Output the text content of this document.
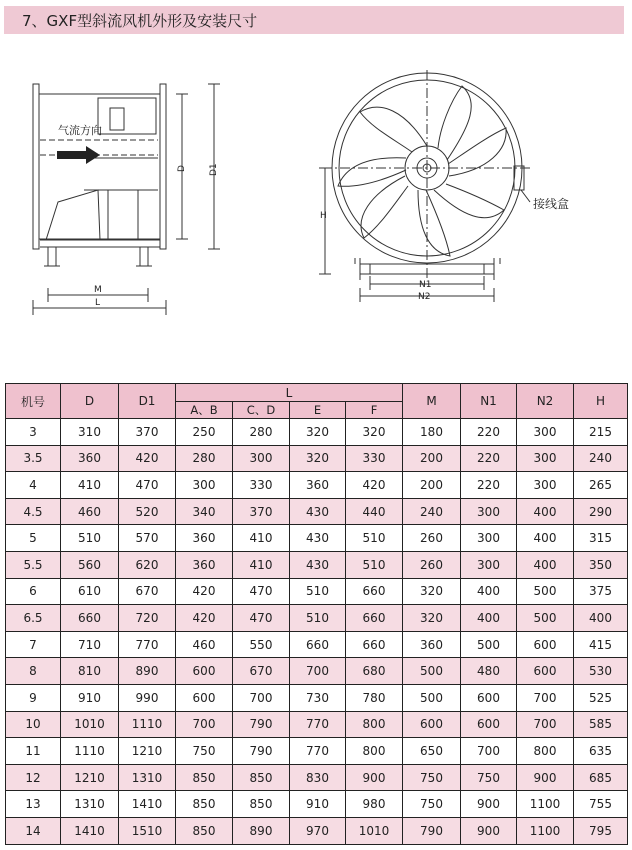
7、GXF型斜流风机外形及安装尺寸
气流方向
D D1
M
L
H
N1
N2
接线盒
机号	D	D1	L				M	N1	N2	H
			A、B	C、D	E	F				
3	310	370	250	280	320	320	180	220	300	215
3.5	360	420	280	300	320	330	200	220	300	240
4	410	470	300	330	360	420	200	220	300	265
4.5	460	520	340	370	430	440	240	300	400	290
5	510	570	360	410	430	510	260	300	400	315
5.5	560	620	360	410	430	510	260	300	400	350
6	610	670	420	470	510	660	320	400	500	375
6.5	660	720	420	470	510	660	320	400	500	400
7	710	770	460	550	660	660	360	500	600	415
8	810	890	600	670	700	680	500	480	600	530
9	910	990	600	700	730	780	500	600	700	525
10	1010	1110	700	790	770	800	600	600	700	585
11	1110	1210	750	790	770	800	650	700	800	635
12	1210	1310	850	850	830	900	750	750	900	685
13	1310	1410	850	850	910	980	750	900	1100	755
14	1410	1510	850	890	970	1010	790	900	1100	795
